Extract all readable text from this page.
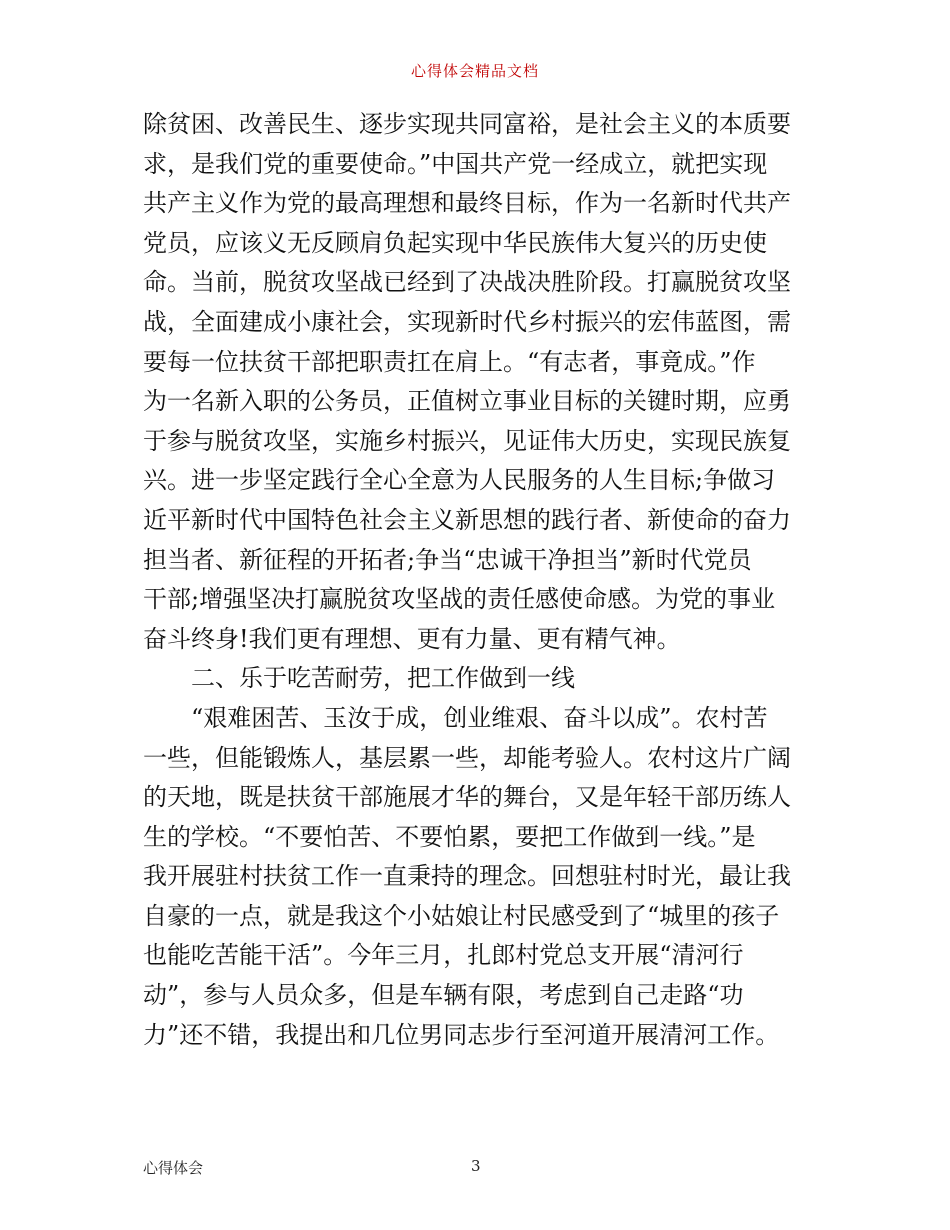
心得体会精品文档
除贫困、改善民生、逐步实现共同富裕，是社会主义的本质要
求，是我们党的重要使命。”中国共产党一经成立，就把实现
共产主义作为党的最高理想和最终目标，作为一名新时代共产
党员，应该义无反顾肩负起实现中华民族伟大复兴的历史使
命。当前，脱贫攻坚战已经到了决战决胜阶段。打赢脱贫攻坚
战，全面建成小康社会，实现新时代乡村振兴的宏伟蓝图，需
要每一位扶贫干部把职责扛在肩上。“有志者，事竟成。”作
为一名新入职的公务员，正值树立事业目标的关键时期，应勇
于参与脱贫攻坚，实施乡村振兴，见证伟大历史，实现民族复
兴。进一步坚定践行全心全意为人民服务的人生目标;争做习
近平新时代中国特色社会主义新思想的践行者、新使命的奋力
担当者、新征程的开拓者;争当“忠诚干净担当”新时代党员
干部;增强坚决打赢脱贫攻坚战的责任感使命感。为党的事业
奋斗终身!我们更有理想、更有力量、更有精气神。
二、乐于吃苦耐劳，把工作做到一线
“艰难困苦、玉汝于成，创业维艰、奋斗以成”。农村苦
一些，但能锻炼人，基层累一些，却能考验人。农村这片广阔
的天地，既是扶贫干部施展才华的舞台，又是年轻干部历练人
生的学校。“不要怕苦、不要怕累，要把工作做到一线。”是
我开展驻村扶贫工作一直秉持的理念。回想驻村时光，最让我
自豪的一点，就是我这个小姑娘让村民感受到了“城里的孩子
也能吃苦能干活”。今年三月，扎郎村党总支开展“清河行
动”，参与人员众多，但是车辆有限，考虑到自己走路“功
力”还不错，我提出和几位男同志步行至河道开展清河工作。
心得体会	3
